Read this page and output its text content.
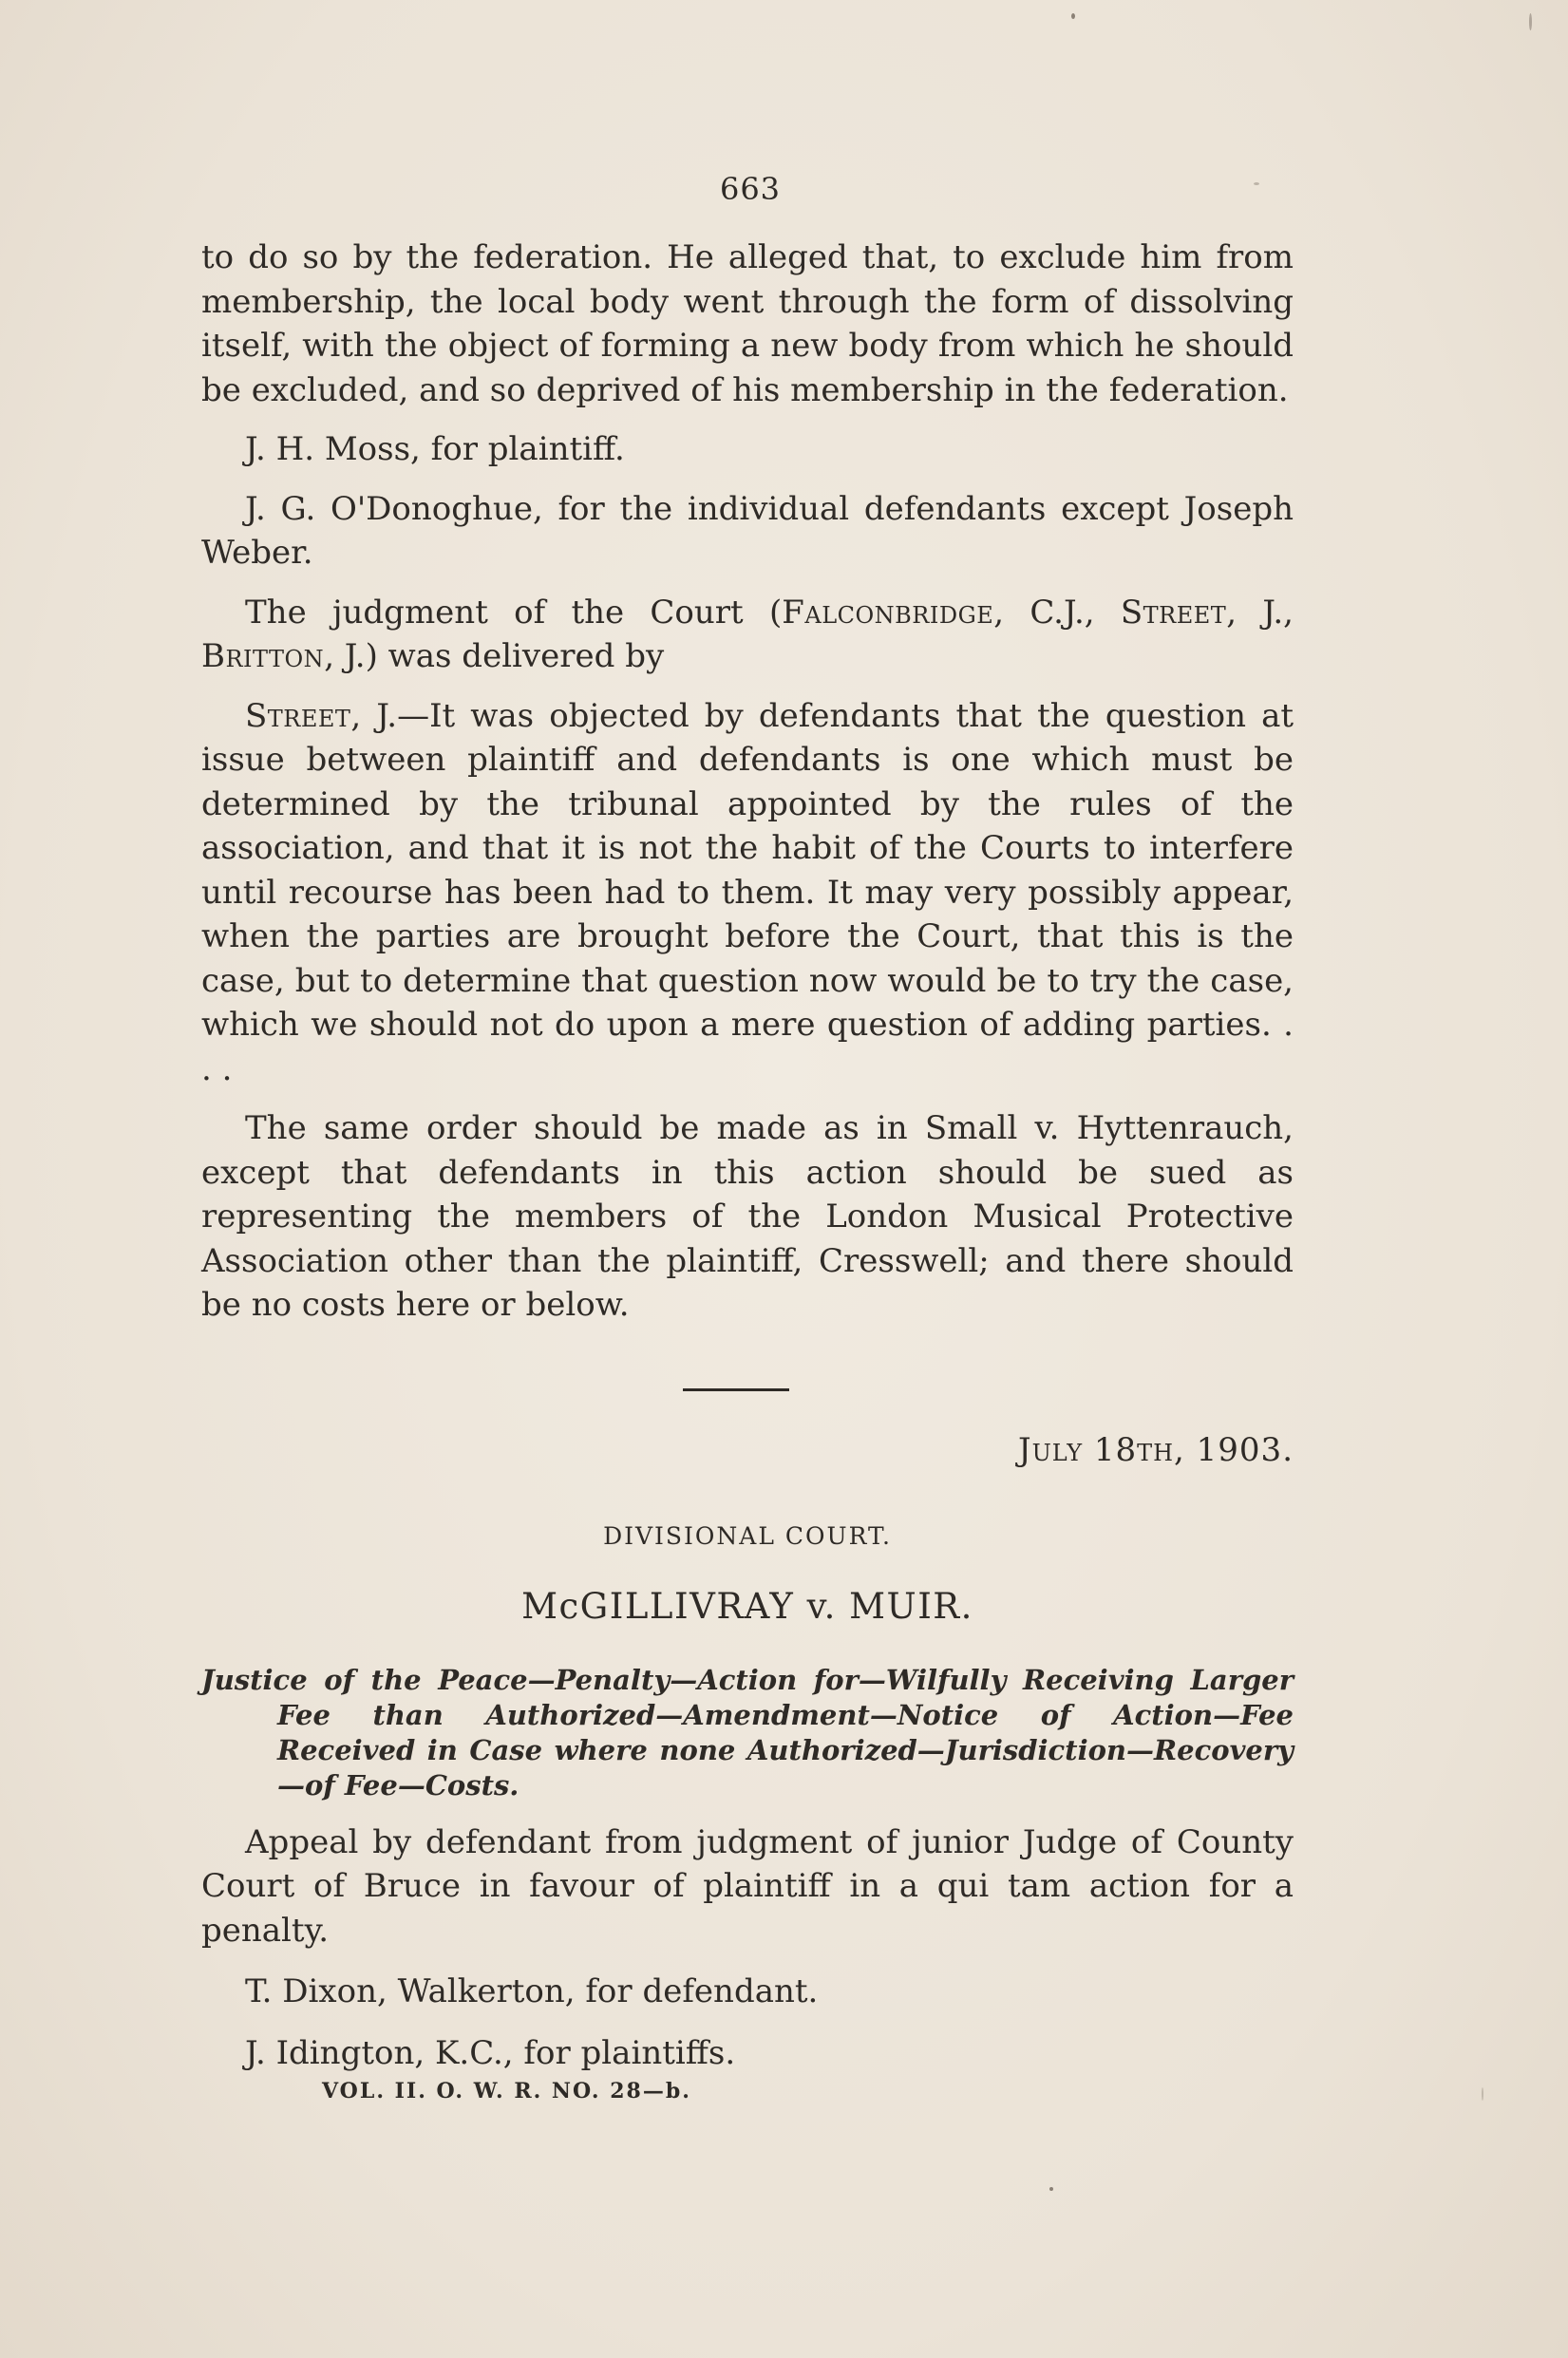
663

to do so by the federation. He alleged that, to exclude him from membership, the local body went through the form of dissolving itself, with the object of forming a new body from which he should be excluded, and so deprived of his membership in the federation.

J. H. Moss, for plaintiff.

J. G. O'Donoghue, for the individual defendants except Joseph Weber.

The judgment of the Court (Falconbridge, C.J., Street, J., Britton, J.) was delivered by

Street, J.—It was objected by defendants that the question at issue between plaintiff and defendants is one which must be determined by the tribunal appointed by the rules of the association, and that it is not the habit of the Courts to interfere until recourse has been had to them. It may very possibly appear, when the parties are brought before the Court, that this is the case, but to determine that question now would be to try the case, which we should not do upon a mere question of adding parties. . . .

The same order should be made as in Small v. Hyttenrauch, except that defendants in this action should be sued as representing the members of the London Musical Protective Association other than the plaintiff, Cresswell; and there should be no costs here or below.

July 18th, 1903.
DIVISIONAL COURT.
McGILLIVRAY v. MUIR.
Justice of the Peace—Penalty—Action for—Wilfully Receiving Larger Fee than Authorized—Amendment—Notice of Action—Fee Received in Case where none Authorized—Jurisdiction—Recovery—of Fee—Costs.

Appeal by defendant from judgment of junior Judge of County Court of Bruce in favour of plaintiff in a qui tam action for a penalty.

T. Dixon, Walkerton, for defendant.

J. Idington, K.C., for plaintiffs.

VOL. II. O. W. R. NO. 28—b.
